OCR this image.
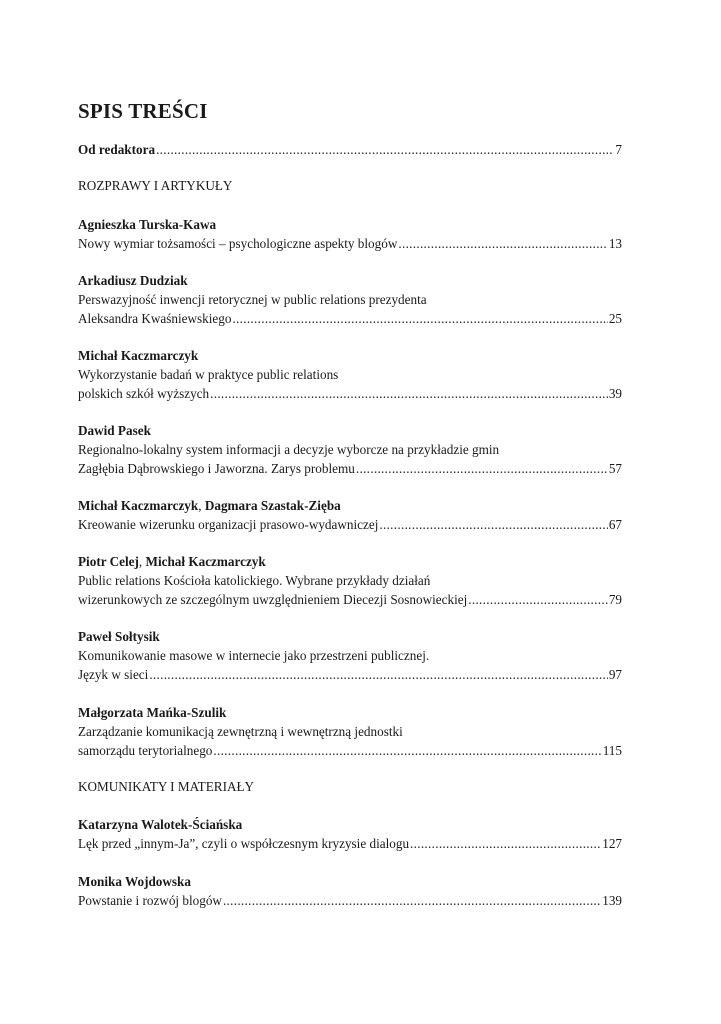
SPIS TREŚCI
Od redaktora .....	7
ROZPRAWY I ARTYKUŁY
Agnieszka Turska-Kawa
Nowy wymiar tożsamości – psychologiczne aspekty blogów .....	13
Arkadiusz Dudziak
Perswazyjność inwencji retorycznej w public relations prezydenta
Aleksandra Kwaśniewskiego .....	25
Michał Kaczmarczyk
Wykorzystanie badań w praktyce public relations
polskich szkół wyższych .....	39
Dawid Pasek
Regionalno-lokalny system informacji a decyzje wyborcze na przykładzie gmin
Zagłębia Dąbrowskiego i Jaworzna. Zarys problemu .....	57
Michał Kaczmarczyk , Dagmara Szastak-Zięba
Kreowanie wizerunku organizacji prasowo-wydawniczej .....	67
Piotr Celej , Michał Kaczmarczyk
Public relations Kościoła katolickiego. Wybrane przykłady działań
wizerunkowych ze szczególnym uwzględnieniem Diecezji Sosnowieckiej .....	79
Paweł Sołtysik
Komunikowanie masowe w internecie jako przestrzeni publicznej.
Język w sieci .....	97
Małgorzata Mańka-Szulik
Zarządzanie komunikacją zewnętrzną i wewnętrzną jednostki
samorządu terytorialnego .....	115
KOMUNIKATY I MATERIAŁY
Katarzyna Walotek-Ściańska
Lęk przed „innym-Ja”, czyli o współczesnym kryzysie dialogu .....	127
Monika Wojdowska
Powstanie i rozwój blogów .....	139
